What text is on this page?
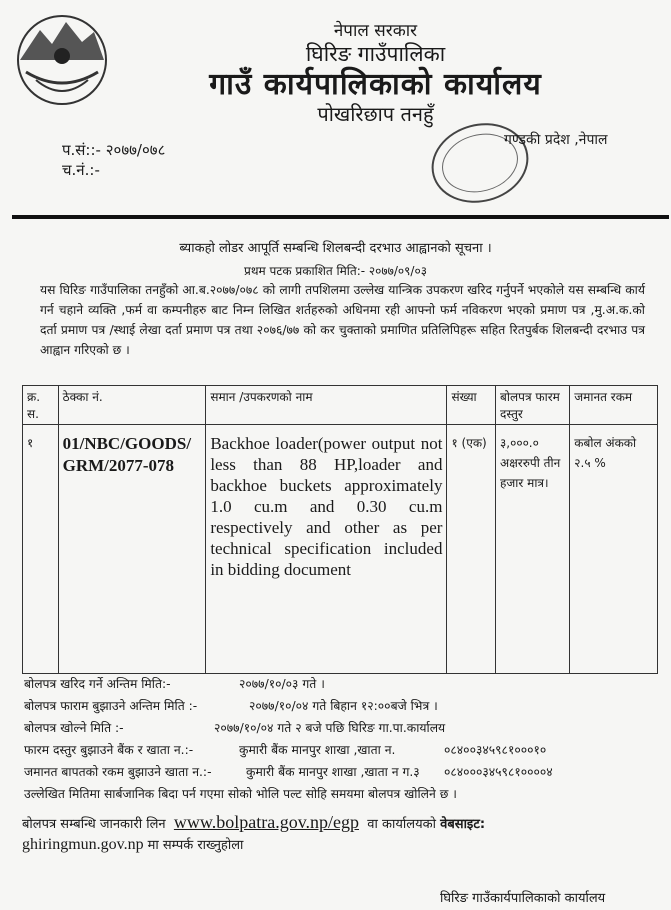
नेपाल सरकार
घिरिङ गाउँपालिका
गाउँ कार्यपालिकाको कार्यालय
पोखरिछाप तनहुँ
प.सं::- २०७७/०७८
च.नं.:-
गण्डकी प्रदेश ,नेपाल
ब्याकहो लोडर आपूर्ति सम्बन्धि शिलबन्दी दरभाउ आह्वानको सूचना ।
प्रथम पटक प्रकाशित मिति:- २०७७/०९/०३
यस घिरिङ गाउँपालिका तनहुँको आ.ब.२०७७/०७८ को लागी तपशिलमा उल्लेख यान्त्रिक उपकरण खरिद गर्नुपर्ने भएकोले यस सम्बन्धि कार्य गर्न चहाने व्यक्ति ,फर्म वा कम्पनीहरु बाट निम्न लिखित शर्तहरुको अधिनमा रही आफ्नो फर्म नविकरण भएको प्रमाण पत्र ,मु.अ.क.को दर्ता प्रमाण पत्र /स्थाई लेखा दर्ता प्रमाण पत्र तथा २०७६/७७ को कर चुक्ताको प्रमाणित प्रतिलिपिहरू सहित रितपुर्बक शिलबन्दी दरभाउ पत्र आह्वान गरिएको छ ।
क्र. स.	ठेक्का नं.	समान /उपकरणको नाम	संख्या	बोलपत्र फारम दस्तुर	जमानत रकम
१	01/NBC/GOODS/GRM/2077-078	Backhoe loader(power output not less than 88 HP,loader and backhoe buckets approximately 1.0 cu.m and 0.30 cu.m respectively and other as per technical specification included in bidding document	१ (एक)	३,०००.० अक्षररुपी तीन हजार मात्र।	कबोल अंकको २.५ %
बोलपत्र खरिद गर्ने अन्तिम मिति:-	२०७७/१०/०३ गते ।
बोलपत्र फाराम बुझाउने अन्तिम मिति :-	२०७७/१०/०४ गते बिहान १२:००बजे भित्र ।
बोलपत्र खोल्ने मिति :-	२०७७/१०/०४ गते २ बजे पछि घिरिङ गा.पा.कार्यालय
फारम दस्तुर बुझाउने बैंक र खाता न.:-	कुमारी बैंक मानपुर शाखा ,खाता न.	०८४००३४५९८१०००१०
जमानत बापतको रकम बुझाउने खाता न.:-	कुमारी बैंक मानपुर शाखा ,खाता न ग.३ ०८४०००३४५९८१००००४
उल्लेखित मितिमा सार्बजानिक बिदा पर्न गएमा सोको भोलि पल्ट सोहि समयमा बोलपत्र खोलिने छ ।
बोलपत्र सम्बन्धि जानकारी लिन www.bolpatra.gov.np/egp वा कार्यालयको वेबसाइट:
ghiringmun.gov.np मा सम्पर्क राख्नुहोला
घिरिङ गाउँकार्यपालिकाको कार्यालय
